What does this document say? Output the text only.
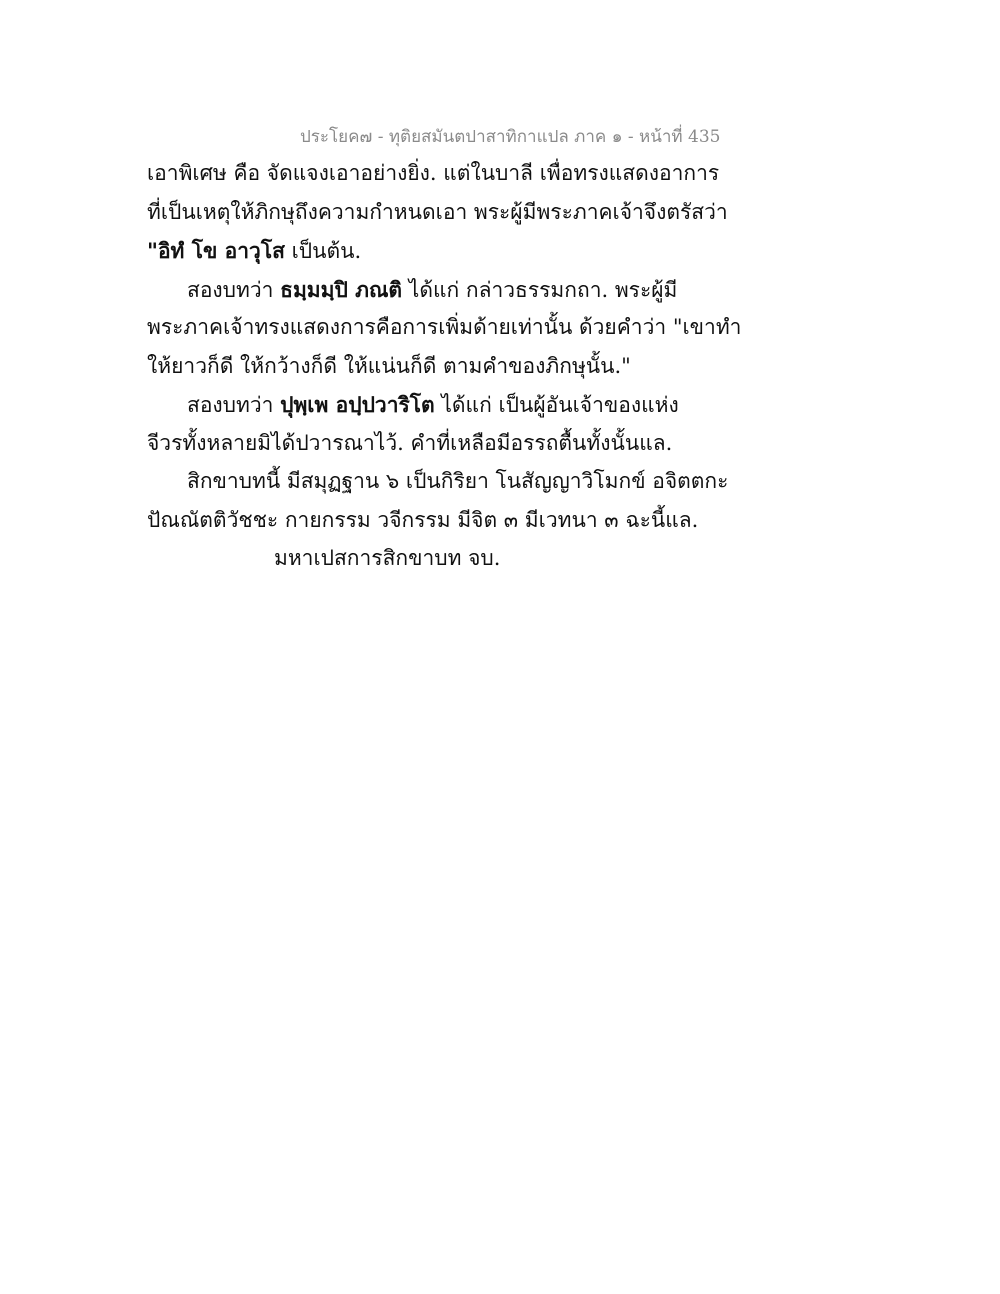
ประโยค๗ - ทุติยสมันตปาสาทิกาแปล ภาค ๑ - หน้าที่ 435
เอาพิเศษ คือ จัดแจงเอาอย่างยิ่ง. แต่ในบาลี เพื่อทรงแสดงอาการ
ที่เป็นเหตุให้ภิกษุถึงความกำหนดเอา พระผู้มีพระภาคเจ้าจึงตรัสว่า
"อิทํ โข อาวุโส เป็นต้น.
สองบทว่า ธมฺมมฺปิ ภณติ ได้แก่ กล่าวธรรมกถา. พระผู้มี
พระภาคเจ้าทรงแสดงการคือการเพิ่มด้ายเท่านั้น ด้วยคำว่า "เขาทำ
ให้ยาวก็ดี ให้กว้างก็ดี ให้แน่นก็ดี ตามคำของภิกษุนั้น."
สองบทว่า ปุพฺเพ อปฺปวาริโต ได้แก่ เป็นผู้อันเจ้าของแห่ง
จีวรทั้งหลายมิได้ปวารณาไว้. คำที่เหลือมีอรรถตื้นทั้งนั้นแล.
สิกขาบทนี้ มีสมุฏฐาน ๖ เป็นกิริยา โนสัญญาวิโมกข์ อจิตตกะ
ปัณณัตติวัชชะ กายกรรม วจีกรรม มีจิต ๓ มีเวทนา ๓ ฉะนี้แล.
มหาเปสการสิกขาบท จบ.
